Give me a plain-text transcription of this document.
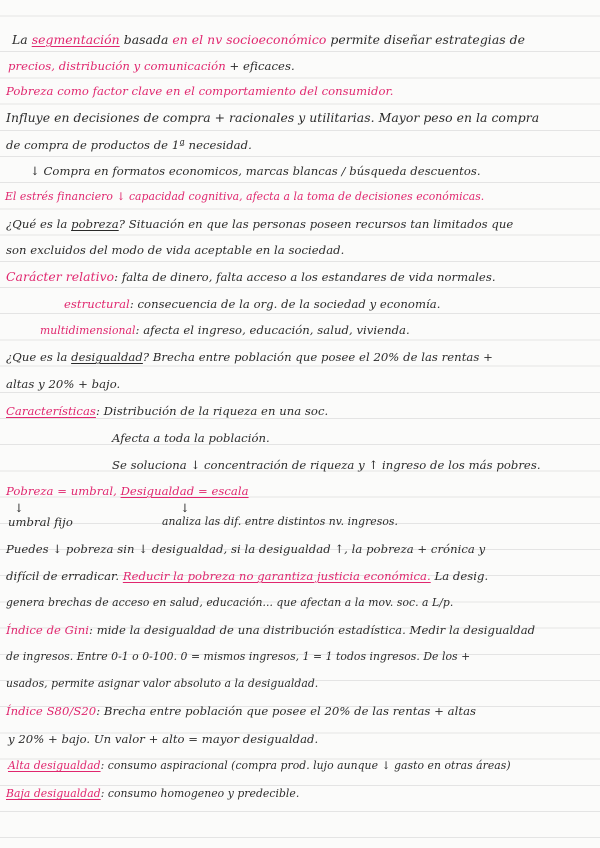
La segmentación basada en el nv socioeconómico permite diseñar estrategias de
precios, distribución y comunicación + eficaces.
Pobreza como factor clave en el comportamiento del consumidor.
Influye en decisiones de compra + racionales y utilitarias. Mayor peso en la compra
de compra de productos de 1ª necesidad.
↓ Compra en formatos economicos, marcas blancas / búsqueda descuentos.
El estrés financiero ↓ capacidad cognitiva, afecta a la toma de decisiones económicas.
¿Qué es la pobreza? Situación en que las personas poseen recursos tan limitados que
son excluidos del modo de vida aceptable en la sociedad.
Carácter relativo: falta de dinero, falta acceso a los estandares de vida normales.
estructural: consecuencia de la org. de la sociedad y economía.
multidimensional: afecta el ingreso, educación, salud, vivienda.
¿Que es la desigualdad? Brecha entre población que posee el 20% de las rentas +
altas y 20% + bajo.
Características: Distribución de la riqueza en una soc.
Afecta a toda la población.
Se soluciona ↓ concentración de riqueza y ↑ ingreso de los más pobres.
Pobreza = umbral, Desigualdad = escala
↓	↓
umbral fijo	analiza las dif. entre distintos nv. ingresos.
Puedes ↓ pobreza sin ↓ desigualdad, si la desigualdad ↑, la pobreza + crónica y
difícil de erradicar. Reducir la pobreza no garantiza justicia económica. La desig.
genera brechas de acceso en salud, educación... que afectan a la mov. soc. a L/p.
Índice de Gini: mide la desigualdad de una distribución estadística. Medir la desigualdad
de ingresos. Entre 0-1 o 0-100. 0 = mismos ingresos, 1 = 1 todos ingresos. De los +
usados, permite asignar valor absoluto a la desigualdad.
Índice S80/S20: Brecha entre población que posee el 20% de las rentas + altas
y 20% + bajo. Un valor + alto = mayor desigualdad.
Alta desigualdad: consumo aspiracional (compra prod. lujo aunque ↓ gasto en otras áreas)
Baja desigualdad: consumo homogeneo y predecible.
